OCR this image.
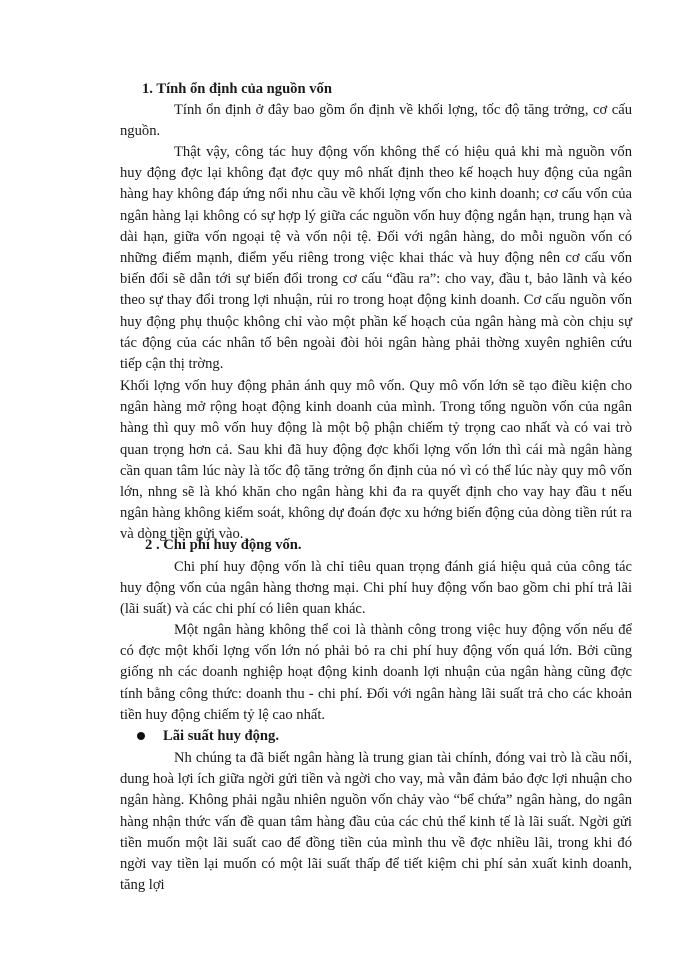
1. Tính ổn định của nguồn vốn

Tính ổn định ở đây bao gồm ổn định về khối lợng, tốc độ tăng trởng, cơ cấu nguồn.

Thật vậy, công tác huy động vốn không thể có hiệu quả khi mà nguồn vốn huy động đợc lại không đạt đợc quy mô nhất định theo kế hoạch huy động của ngân hàng hay không đáp ứng nổi nhu cầu về khối lợng vốn cho kinh doanh; cơ cấu vốn của ngân hàng lại không có sự hợp lý giữa các nguồn vốn huy động ngắn hạn, trung hạn và dài hạn, giữa vốn ngoại tệ và vốn nội tệ. Đối với ngân hàng, do mỗi nguồn vốn có những điểm mạnh, điểm yếu riêng trong việc khai thác và huy động nên cơ cấu vốn biến đổi sẽ dẫn tới sự biến đổi trong cơ cấu “đầu ra”: cho vay, đầu t, bảo lãnh và kéo theo sự thay đổi trong lợi nhuận, rủi ro trong hoạt động kinh doanh. Cơ cấu nguồn vốn huy động phụ thuộc không chỉ vào một phần kế hoạch của ngân hàng mà còn chịu sự tác động của các nhân tố bên ngoài đòi hỏi ngân hàng phải thờng xuyên nghiên cứu tiếp cận thị trờng.

Khối lợng vốn huy động phản ánh quy mô vốn. Quy mô vốn lớn sẽ tạo điều kiện cho ngân hàng mở rộng hoạt động kinh doanh của mình. Trong tổng nguồn vốn của ngân hàng thì quy mô vốn huy động là một bộ phận chiếm tỷ trọng cao nhất và có vai trò quan trọng hơn cả. Sau khi đã huy động đợc khối lợng vốn lớn thì cái mà ngân hàng cần quan tâm lúc này là tốc độ tăng trởng ổn định của nó vì có thể lúc này quy mô vốn lớn, nhng sẽ là khó khăn cho ngân hàng khi đa ra quyết định cho vay hay đầu t nếu ngân hàng không kiểm soát, không dự đoán đợc xu hớng biến động của dòng tiền rút ra và dòng tiền gửi vào.

2 . Chi phí huy động vốn.

Chi phí huy động vốn là chỉ tiêu quan trọng đánh giá hiệu quả của công tác huy động vốn của ngân hàng thơng mại. Chi phí huy động vốn bao gồm chi phí trả lãi (lãi suất) và các chi phí có liên quan khác.

Một ngân hàng không thể coi là thành công trong việc huy động vốn nếu để có đợc một khối lợng vốn lớn nó phải bỏ ra chi phí huy động vốn quá lớn. Bởi cũng giống nh các doanh nghiệp hoạt động kinh doanh lợi nhuận của ngân hàng cũng đợc tính bằng công thức: doanh thu - chi phí. Đối với ngân hàng lãi suất trả cho các khoản tiền huy động chiếm tỷ lệ cao nhất.

Lãi suất huy động.

Nh chúng ta đã biết ngân hàng là trung gian tài chính, đóng vai trò là cầu nối, dung hoà lợi ích giữa ngời gửi tiền và ngời cho vay, mà vẫn đảm bảo đợc lợi nhuận cho ngân hàng. Không phải ngẫu nhiên nguồn vốn chảy vào “bể chứa” ngân hàng, do ngân hàng nhận thức vấn đề quan tâm hàng đầu của các chủ thể kinh tế là lãi suất. Ngời gửi tiền muốn một lãi suất cao để đồng tiền của mình thu về đợc nhiều lãi, trong khi đó ngời vay tiền lại muốn có một lãi suất thấp để tiết kiệm chi phí sản xuất kinh doanh, tăng lợi
